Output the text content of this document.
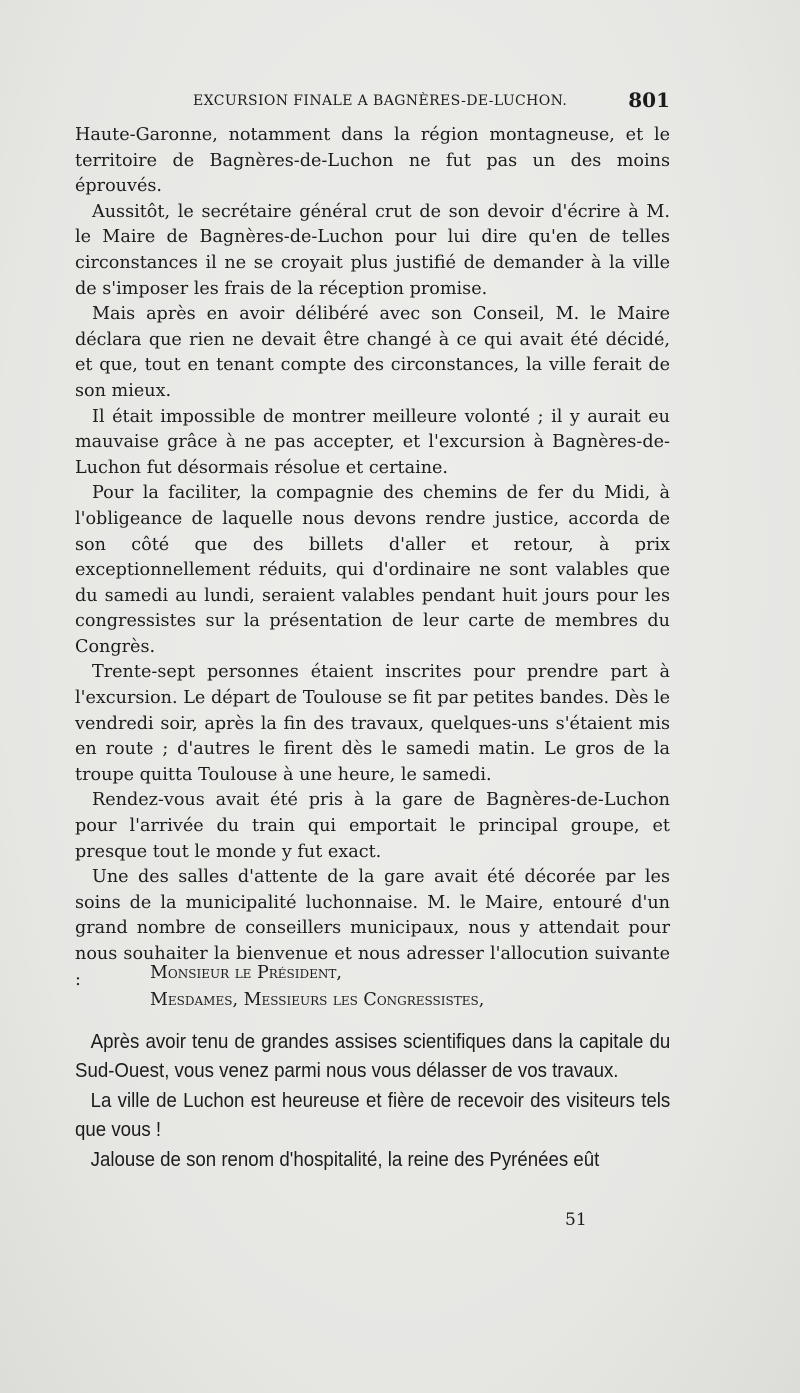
EXCURSION FINALE A BAGNÈRES-DE-LUCHON.	801

Haute-Garonne, notamment dans la région montagneuse, et le territoire de Bagnères-de-Luchon ne fut pas un des moins éprouvés.

Aussitôt, le secrétaire général crut de son devoir d'écrire à M. le Maire de Bagnères-de-Luchon pour lui dire qu'en de telles circonstances il ne se croyait plus justifié de demander à la ville de s'imposer les frais de la réception promise.

Mais après en avoir délibéré avec son Conseil, M. le Maire déclara que rien ne devait être changé à ce qui avait été décidé, et que, tout en tenant compte des circonstances, la ville ferait de son mieux.

Il était impossible de montrer meilleure volonté ; il y aurait eu mauvaise grâce à ne pas accepter, et l'excursion à Bagnères-de-Luchon fut désormais résolue et certaine.

Pour la faciliter, la compagnie des chemins de fer du Midi, à l'obligeance de laquelle nous devons rendre justice, accorda de son côté que des billets d'aller et retour, à prix exceptionnellement réduits, qui d'ordinaire ne sont valables que du samedi au lundi, seraient valables pendant huit jours pour les congressistes sur la présentation de leur carte de membres du Congrès.

Trente-sept personnes étaient inscrites pour prendre part à l'excursion. Le départ de Toulouse se fit par petites bandes. Dès le vendredi soir, après la fin des travaux, quelques-uns s'étaient mis en route ; d'autres le firent dès le samedi matin. Le gros de la troupe quitta Toulouse à une heure, le samedi.

Rendez-vous avait été pris à la gare de Bagnères-de-Luchon pour l'arrivée du train qui emportait le principal groupe, et presque tout le monde y fut exact.

Une des salles d'attente de la gare avait été décorée par les soins de la municipalité luchonnaise. M. le Maire, entouré d'un grand nombre de conseillers municipaux, nous y attendait pour nous souhaiter la bienvenue et nous adresser l'allocution suivante :	Monsieur le Président,
Mesdames, Messieurs les Congressistes,

Après avoir tenu de grandes assises scientifiques dans la capitale du Sud-Ouest, vous venez parmi nous vous délasser de vos travaux.

La ville de Luchon est heureuse et fière de recevoir des visiteurs tels que vous !

Jalouse de son renom d'hospitalité, la reine des Pyrénées eût

51
